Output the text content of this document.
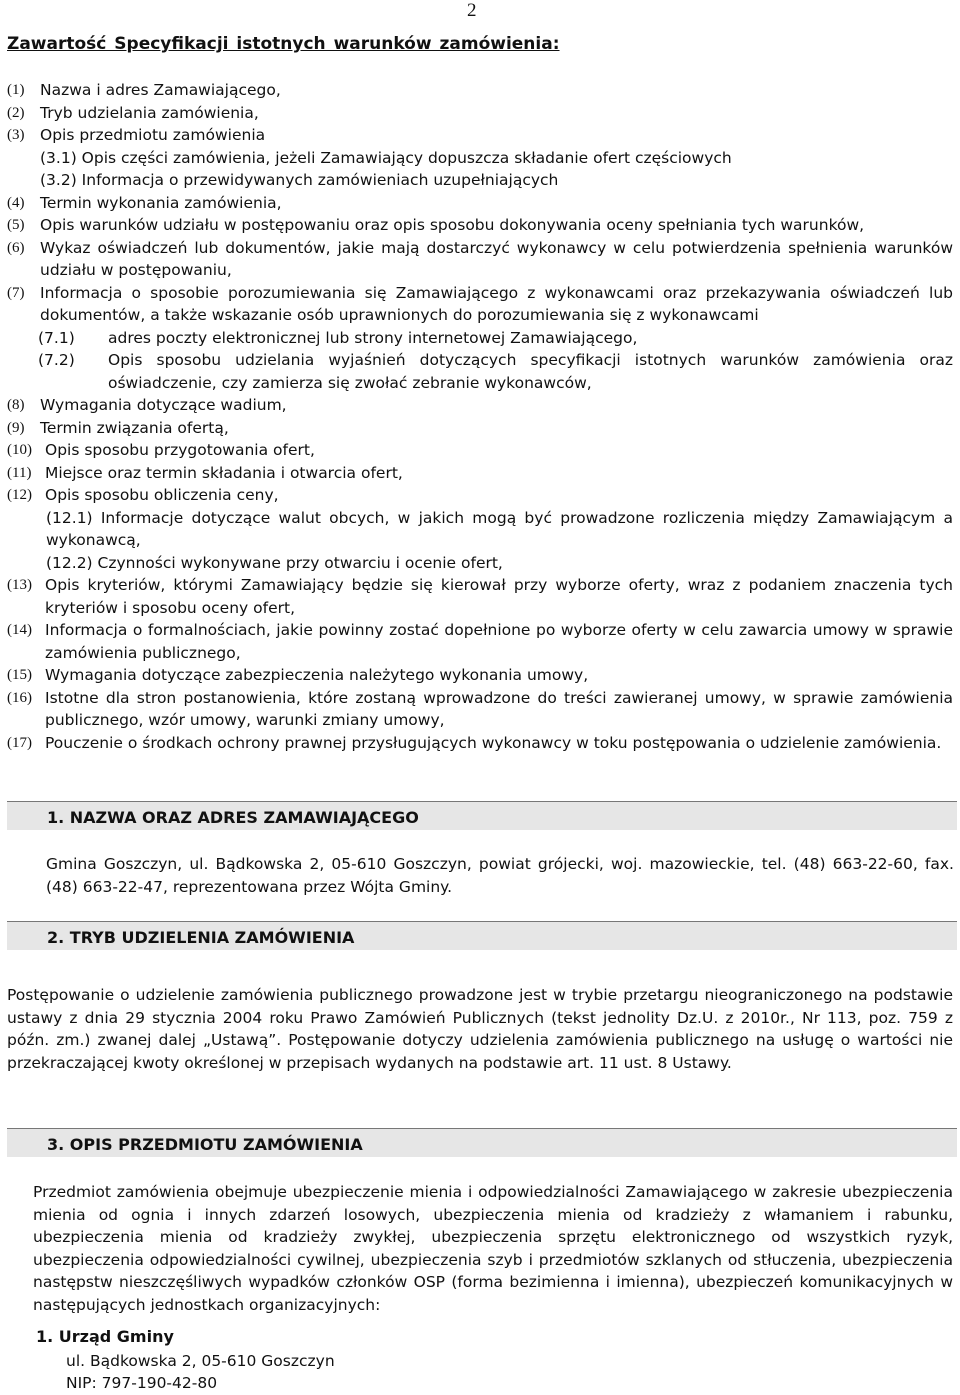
2
Zawartość Specyfikacji istotnych warunków zamówienia:
(1) Nazwa i adres Zamawiającego,
(2) Tryb udzielania zamówienia,
(3) Opis przedmiotu zamówienia
(3.1) Opis części zamówienia, jeżeli Zamawiający dopuszcza składanie ofert częściowych
(3.2) Informacja o przewidywanych zamówieniach uzupełniających
(4) Termin wykonania zamówienia,
(5) Opis warunków udziału w postępowaniu oraz opis sposobu dokonywania oceny spełniania tych warunków,
(6) Wykaz oświadczeń lub dokumentów, jakie mają dostarczyć wykonawcy w celu potwierdzenia spełnienia warunków udziału w postępowaniu,
(7) Informacja o sposobie porozumiewania się Zamawiającego z wykonawcami oraz przekazywania oświadczeń lub dokumentów, a także wskazanie osób uprawnionych do porozumiewania się z wykonawcami
(7.1) adres poczty elektronicznej lub strony internetowej Zamawiającego,
(7.2) Opis sposobu udzielania wyjaśnień dotyczących specyfikacji istotnych warunków zamówienia oraz oświadczenie, czy zamierza się zwołać zebranie wykonawców,
(8) Wymagania dotyczące wadium,
(9) Termin związania ofertą,
(10) Opis sposobu przygotowania ofert,
(11) Miejsce oraz termin składania i otwarcia ofert,
(12) Opis sposobu obliczenia ceny,
(12.1) Informacje dotyczące walut obcych, w jakich mogą być prowadzone rozliczenia między Zamawiającym a wykonawcą,
(12.2) Czynności wykonywane przy otwarciu i ocenie ofert,
(13) Opis kryteriów, którymi Zamawiający będzie się kierował przy wyborze oferty, wraz z podaniem znaczenia tych kryteriów i sposobu oceny ofert,
(14) Informacja o formalnościach, jakie powinny zostać dopełnione po wyborze oferty w celu zawarcia umowy w sprawie zamówienia publicznego,
(15) Wymagania dotyczące zabezpieczenia należytego wykonania umowy,
(16) Istotne dla stron postanowienia, które zostaną wprowadzone do treści zawieranej umowy, w sprawie zamówienia publicznego, wzór umowy, warunki zmiany umowy,
(17) Pouczenie o środkach ochrony prawnej przysługujących wykonawcy w toku postępowania o udzielenie zamówienia.
1. NAZWA ORAZ ADRES ZAMAWIAJĄCEGO
Gmina Goszczyn, ul. Bądkowska 2, 05-610 Goszczyn, powiat grójecki, woj. mazowieckie, tel. (48) 663-22-60, fax. (48) 663-22-47, reprezentowana przez Wójta Gminy.
2. TRYB UDZIELENIA ZAMÓWIENIA
Postępowanie o udzielenie zamówienia publicznego prowadzone jest w trybie przetargu nieograniczonego na podstawie ustawy z dnia 29 stycznia 2004 roku Prawo Zamówień Publicznych (tekst jednolity Dz.U. z 2010r., Nr 113, poz. 759 z późn. zm.) zwanej dalej „Ustawą”. Postępowanie dotyczy udzielenia zamówienia publicznego na usługę o wartości nie przekraczającej kwoty określonej w przepisach wydanych na podstawie art. 11 ust. 8 Ustawy.
3. OPIS PRZEDMIOTU ZAMÓWIENIA
Przedmiot zamówienia obejmuje ubezpieczenie mienia i odpowiedzialności Zamawiającego w zakresie ubezpieczenia mienia od ognia i innych zdarzeń losowych, ubezpieczenia mienia od kradzieży z włamaniem i rabunku, ubezpieczenia mienia od kradzieży zwykłej, ubezpieczenia sprzętu elektronicznego od wszystkich ryzyk, ubezpieczenia odpowiedzialności cywilnej, ubezpieczenia szyb i przedmiotów szklanych od stłuczenia, ubezpieczenia następstw nieszczęśliwych wypadków członków OSP (forma bezimienna i imienna), ubezpieczeń komunikacyjnych w następujących jednostkach organizacyjnych:
1. Urząd Gminy
ul. Bądkowska 2, 05-610 Goszczyn
NIP: 797-190-42-80
